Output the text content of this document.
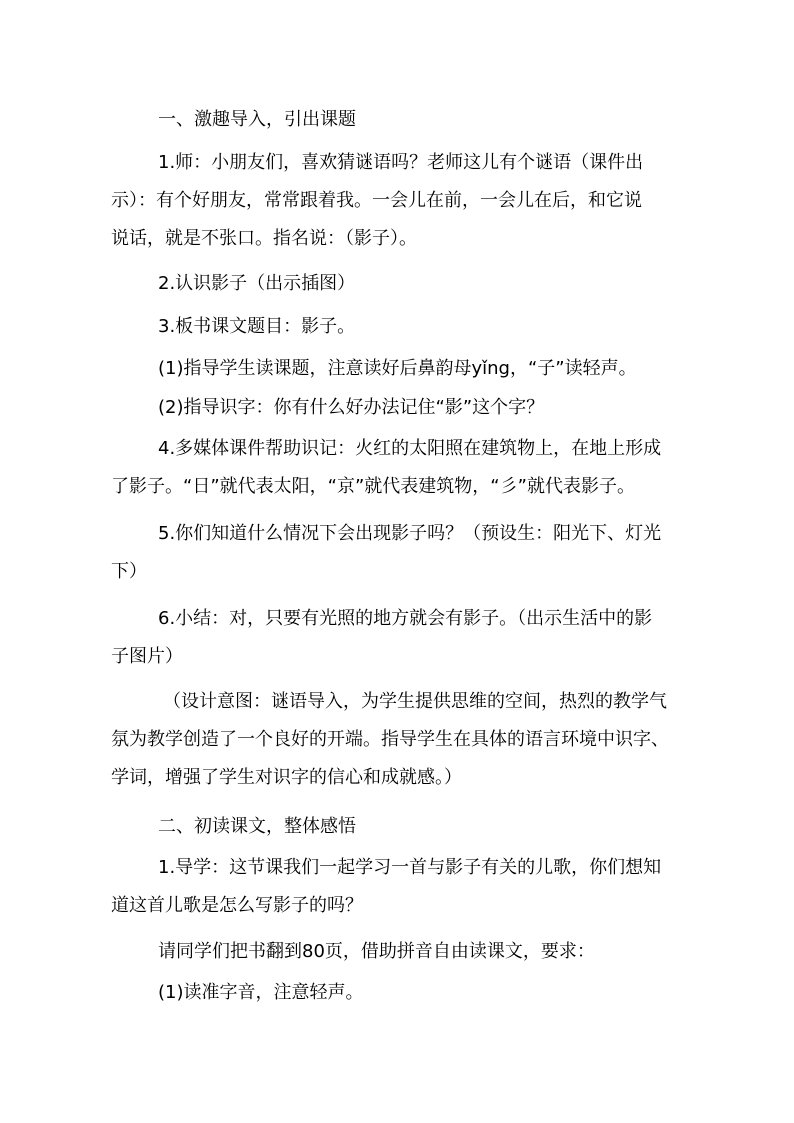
一、激趣导入，引出课题
1.师：小朋友们，喜欢猜谜语吗？老师这儿有个谜语（课件出
示）：有个好朋友，常常跟着我。一会儿在前，一会儿在后，和它说
说话，就是不张口。指名说：（影子）。
2.认识影子（出示插图）
3.板书课文题目：影子。
(1)指导学生读课题，注意读好后鼻韵母yǐng，“子”读轻声。
(2)指导识字：你有什么好办法记住“影”这个字？
4.多媒体课件帮助识记：火红的太阳照在建筑物上，在地上形成
了影子。“日”就代表太阳，“京”就代表建筑物，“彡”就代表影子。
5.你们知道什么情况下会出现影子吗？（预设生：阳光下、灯光
下）
6.小结：对，只要有光照的地方就会有影子。（出示生活中的影
子图片）
（设计意图：谜语导入，为学生提供思维的空间，热烈的教学气
氛为教学创造了一个良好的开端。指导学生在具体的语言环境中识字、
学词，增强了学生对识字的信心和成就感。）
二、初读课文，整体感悟
1.导学：这节课我们一起学习一首与影子有关的儿歌，你们想知
道这首儿歌是怎么写影子的吗？
请同学们把书翻到80页，借助拼音自由读课文，要求：
(1)读准字音，注意轻声。
